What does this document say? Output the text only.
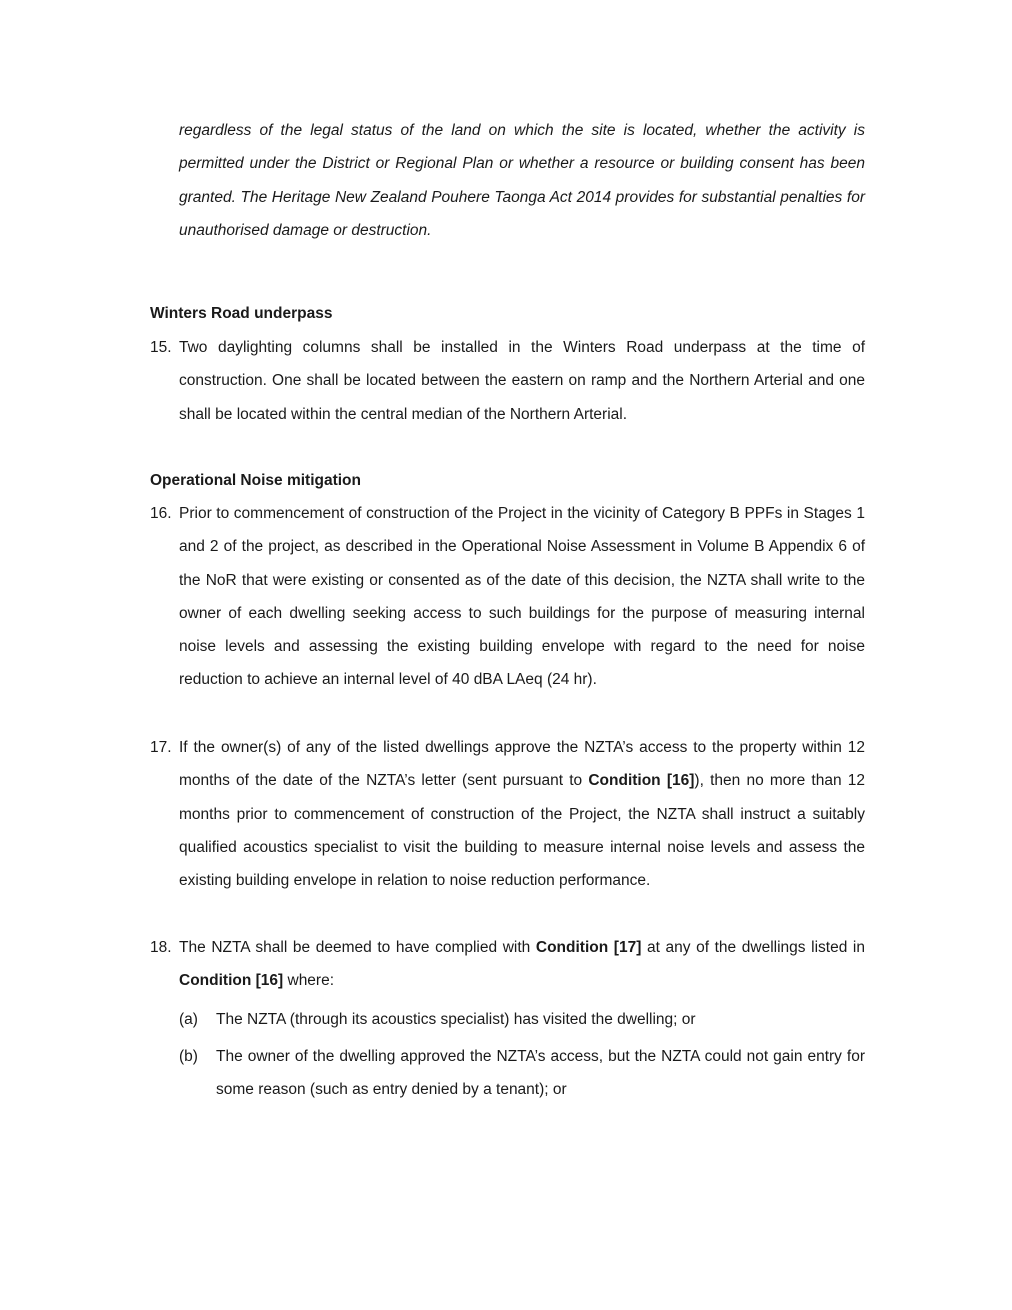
regardless of the legal status of the land on which the site is located, whether the activity is permitted under the District or Regional Plan or whether a resource or building consent has been granted. The Heritage New Zealand Pouhere Taonga Act 2014 provides for substantial penalties for unauthorised damage or destruction.
Winters Road underpass
15. Two daylighting columns shall be installed in the Winters Road underpass at the time of construction. One shall be located between the eastern on ramp and the Northern Arterial and one shall be located within the central median of the Northern Arterial.
Operational Noise mitigation
16. Prior to commencement of construction of the Project in the vicinity of Category B PPFs in Stages 1 and 2 of the project, as described in the Operational Noise Assessment in Volume B Appendix 6 of the NoR that were existing or consented as of the date of this decision, the NZTA shall write to the owner of each dwelling seeking access to such buildings for the purpose of measuring internal noise levels and assessing the existing building envelope with regard to the need for noise reduction to achieve an internal level of 40 dBA LAeq (24 hr).
17. If the owner(s) of any of the listed dwellings approve the NZTA’s access to the property within 12 months of the date of the NZTA’s letter (sent pursuant to Condition [16]), then no more than 12 months prior to commencement of construction of the Project, the NZTA shall instruct a suitably qualified acoustics specialist to visit the building to measure internal noise levels and assess the existing building envelope in relation to noise reduction performance.
18. The NZTA shall be deemed to have complied with Condition [17] at any of the dwellings listed in Condition [16] where:
(a)	The NZTA (through its acoustics specialist) has visited the dwelling; or
(b)	The owner of the dwelling approved the NZTA’s access, but the NZTA could not gain entry for some reason (such as entry denied by a tenant); or
